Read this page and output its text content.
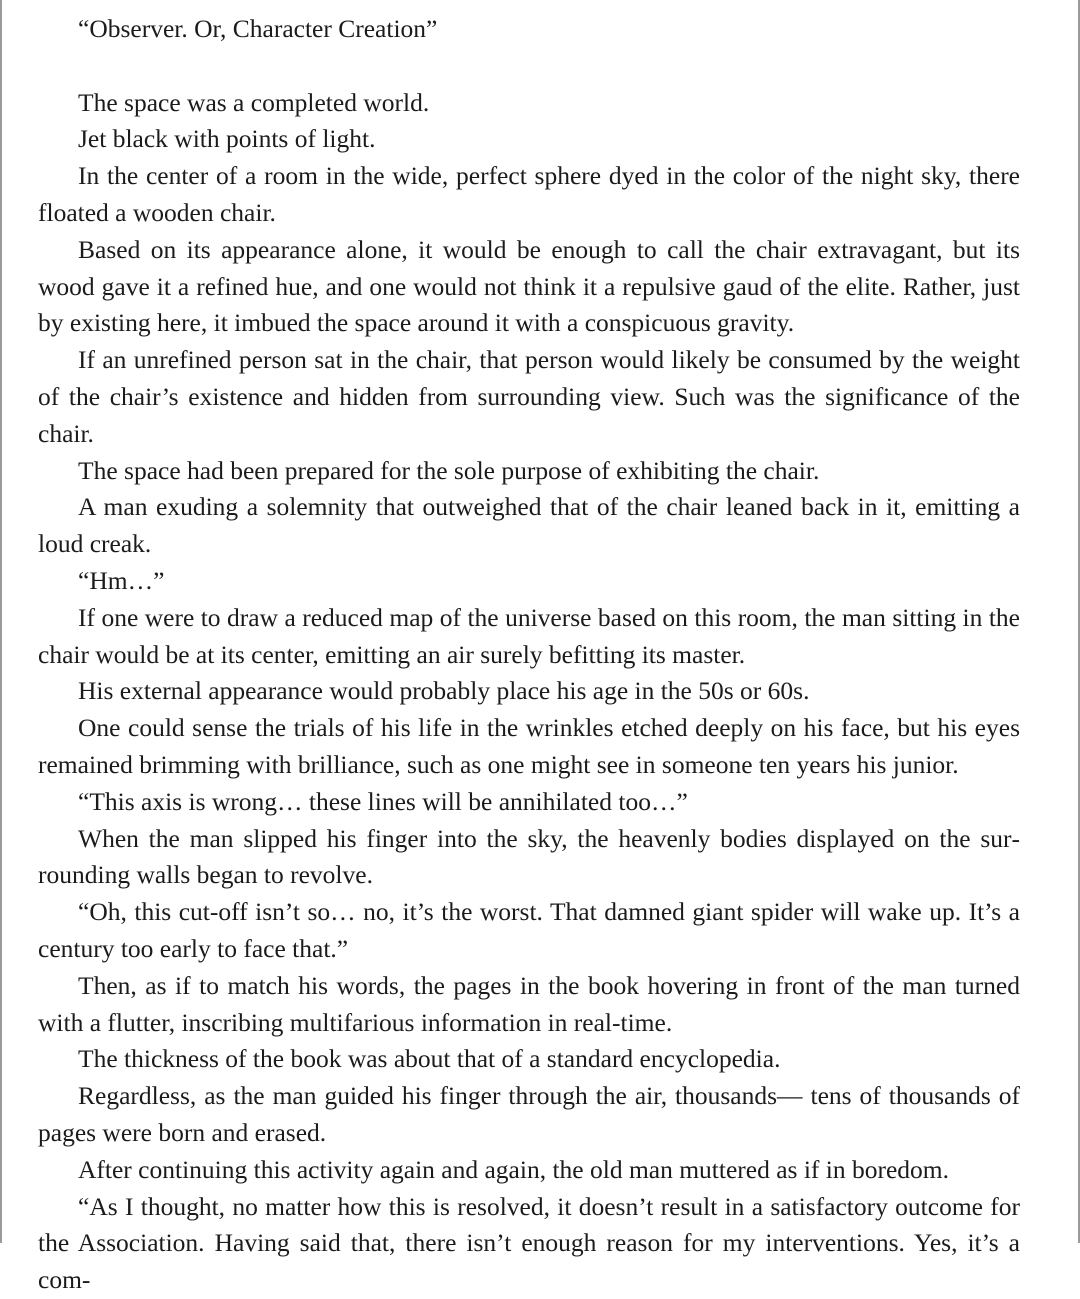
“Observer. Or, Character Creation”

The space was a completed world.

Jet black with points of light.

In the center of a room in the wide, perfect sphere dyed in the color of the night sky, there floated a wooden chair.

Based on its appearance alone, it would be enough to call the chair extravagant, but its wood gave it a refined hue, and one would not think it a repulsive gaud of the elite. Rather, just by existing here, it imbued the space around it with a conspicuous gravity.

If an unrefined person sat in the chair, that person would likely be consumed by the weight of the chair’s existence and hidden from surrounding view. Such was the significance of the chair.

The space had been prepared for the sole purpose of exhibiting the chair.

A man exuding a solemnity that outweighed that of the chair leaned back in it, emitting a loud creak.

“Hm…”

If one were to draw a reduced map of the universe based on this room, the man sitting in the chair would be at its center, emitting an air surely befitting its master.

His external appearance would probably place his age in the 50s or 60s.

One could sense the trials of his life in the wrinkles etched deeply on his face, but his eyes remained brimming with brilliance, such as one might see in someone ten years his junior.

“This axis is wrong… these lines will be annihilated too…”

When the man slipped his finger into the sky, the heavenly bodies displayed on the surrounding walls began to revolve.

“Oh, this cut-off isn’t so… no, it’s the worst. That damned giant spider will wake up. It’s a century too early to face that.”

Then, as if to match his words, the pages in the book hovering in front of the man turned with a flutter, inscribing multifarious information in real-time.

The thickness of the book was about that of a standard encyclopedia.

Regardless, as the man guided his finger through the air, thousands— tens of thousands of pages were born and erased.

After continuing this activity again and again, the old man muttered as if in boredom.

“As I thought, no matter how this is resolved, it doesn’t result in a satisfactory outcome for the Association. Having said that, there isn’t enough reason for my interventions. Yes, it’s a com-
